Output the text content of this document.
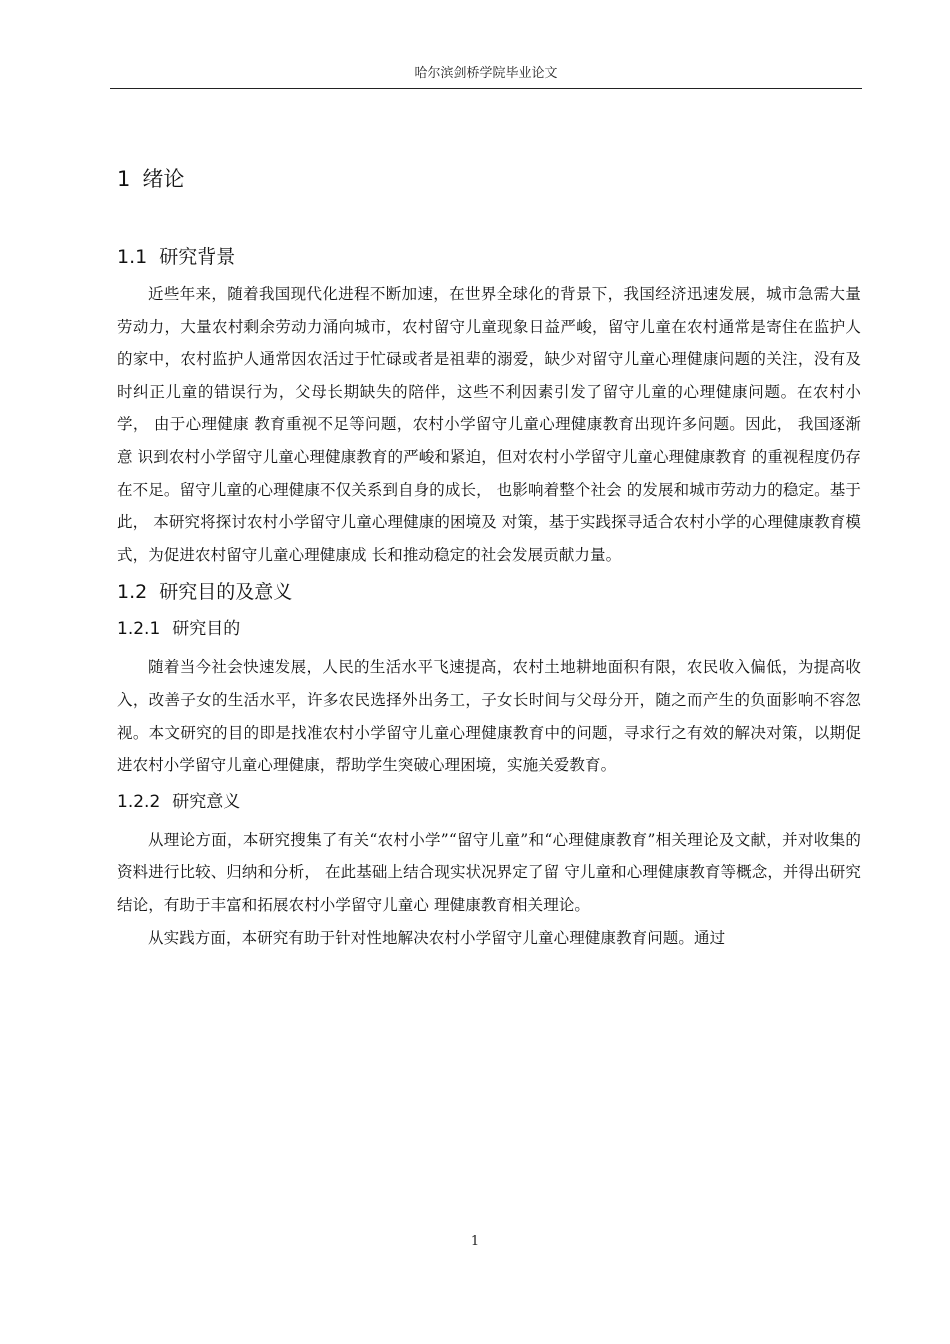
哈尔滨剑桥学院毕业论文
1 绪论
1.1 研究背景

近些年来，随着我国现代化进程不断加速，在世界全球化的背景下，我国经济迅速发展，城市急需大量劳动力，大量农村剩余劳动力涌向城市，农村留守儿童现象日益严峻，留守儿童在农村通常是寄住在监护人的家中，农村监护人通常因农活过于忙碌或者是祖辈的溺爱，缺少对留守儿童心理健康问题的关注，没有及时纠正儿童的错误行为，父母长期缺失的陪伴，这些不利因素引发了留守儿童的心理健康问题。在农村小学， 由于心理健康 教育重视不足等问题，农村小学留守儿童心理健康教育出现许多问题。因此， 我国逐渐意 识到农村小学留守儿童心理健康教育的严峻和紧迫，但对农村小学留守儿童心理健康教育 的重视程度仍存在不足。留守儿童的心理健康不仅关系到自身的成长， 也影响着整个社会 的发展和城市劳动力的稳定。基于此， 本研究将探讨农村小学留守儿童心理健康的困境及 对策，基于实践探寻适合农村小学的心理健康教育模式，为促进农村留守儿童心理健康成 长和推动稳定的社会发展贡献力量。

1.2 研究目的及意义
1.2.1 研究目的

随着当今社会快速发展，人民的生活水平飞速提高，农村土地耕地面积有限，农民收入偏低，为提高收入，改善子女的生活水平，许多农民选择外出务工，子女长时间与父母分开，随之而产生的负面影响不容忽视。本文研究的目的即是找准农村小学留守儿童心理健康教育中的问题，寻求行之有效的解决对策，以期促进农村小学留守儿童心理健康，帮助学生突破心理困境，实施关爱教育。

1.2.2 研究意义

从理论方面，本研究搜集了有关“农村小学”“留守儿童”和“心理健康教育”相关理论及文献，并对收集的资料进行比较、归纳和分析， 在此基础上结合现实状况界定了留 守儿童和心理健康教育等概念，并得出研究结论，有助于丰富和拓展农村小学留守儿童心 理健康教育相关理论。

从实践方面，本研究有助于针对性地解决农村小学留守儿童心理健康教育问题。通过

1
